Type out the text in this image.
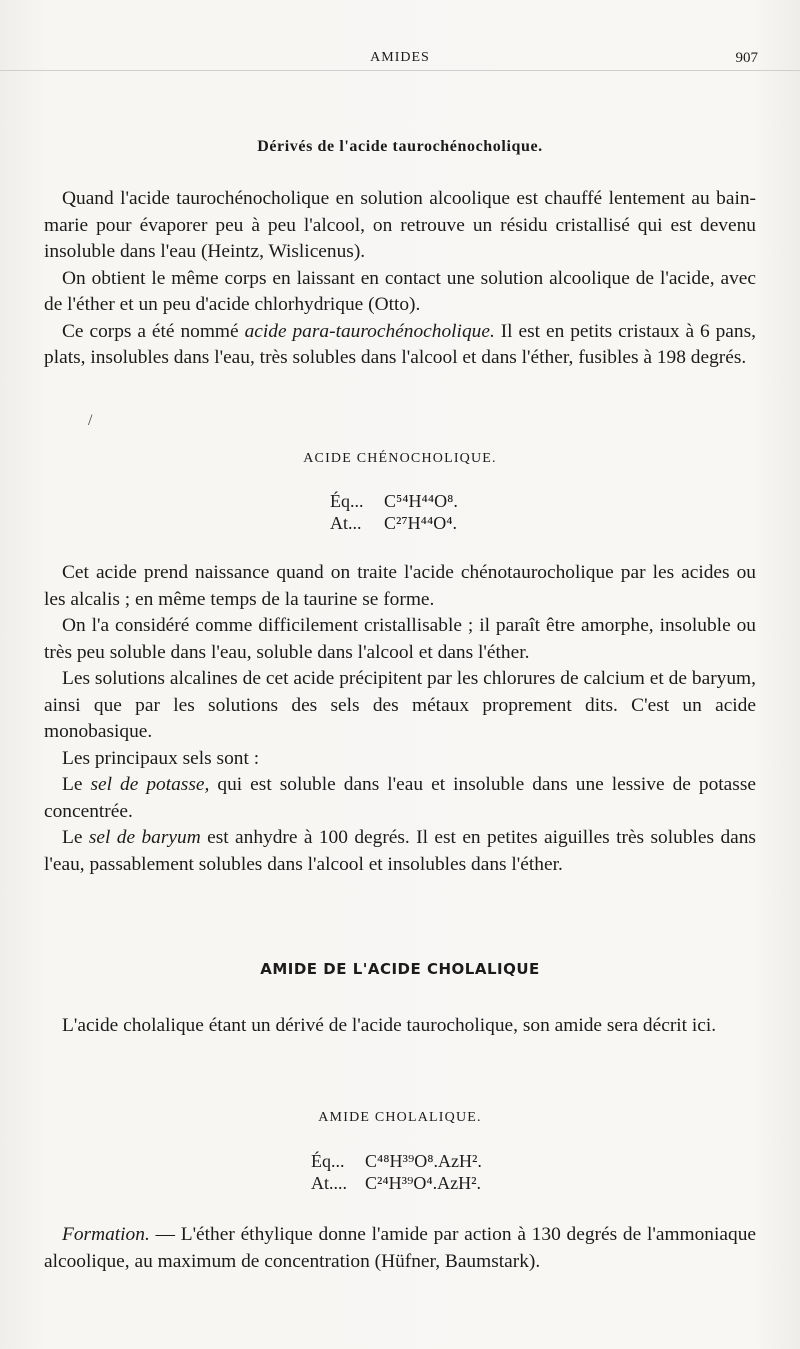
AMIDES	907
Dérivés de l'acide taurochénocholique.

Quand l'acide taurochénocholique en solution alcoolique est chauffé lentement au bain-marie pour évaporer peu à peu l'alcool, on retrouve un résidu cristallisé qui est devenu insoluble dans l'eau (Heintz, Wislicenus).

On obtient le même corps en laissant en contact une solution alcoolique de l'acide, avec de l'éther et un peu d'acide chlorhydrique (Otto).

Ce corps a été nommé acide para-taurochénocholique. Il est en petits cristaux à 6 pans, plats, insolubles dans l'eau, très solubles dans l'alcool et dans l'éther, fusibles à 198 degrés.

/
ACIDE CHÉNOCHOLIQUE.
Éq... C⁵⁴H⁴⁴O⁸.
At... C²⁷H⁴⁴O⁴.

Cet acide prend naissance quand on traite l'acide chénotaurocholique par les acides ou les alcalis ; en même temps de la taurine se forme.

On l'a considéré comme difficilement cristallisable ; il paraît être amorphe, insoluble ou très peu soluble dans l'eau, soluble dans l'alcool et dans l'éther.

Les solutions alcalines de cet acide précipitent par les chlorures de calcium et de baryum, ainsi que par les solutions des sels des métaux proprement dits. C'est un acide monobasique.

Les principaux sels sont :

Le sel de potasse, qui est soluble dans l'eau et insoluble dans une lessive de potasse concentrée.

Le sel de baryum est anhydre à 100 degrés. Il est en petites aiguilles très solubles dans l'eau, passablement solubles dans l'alcool et insolubles dans l'éther.

AMIDE DE L'ACIDE CHOLALIQUE

L'acide cholalique étant un dérivé de l'acide taurocholique, son amide sera décrit ici.

AMIDE CHOLALIQUE.
Éq... C⁴⁸H³⁹O⁸.AzH².
At.... C²⁴H³⁹O⁴.AzH².

Formation. — L'éther éthylique donne l'amide par action à 130 degrés de l'ammoniaque alcoolique, au maximum de concentration (Hüfner, Baumstark).
